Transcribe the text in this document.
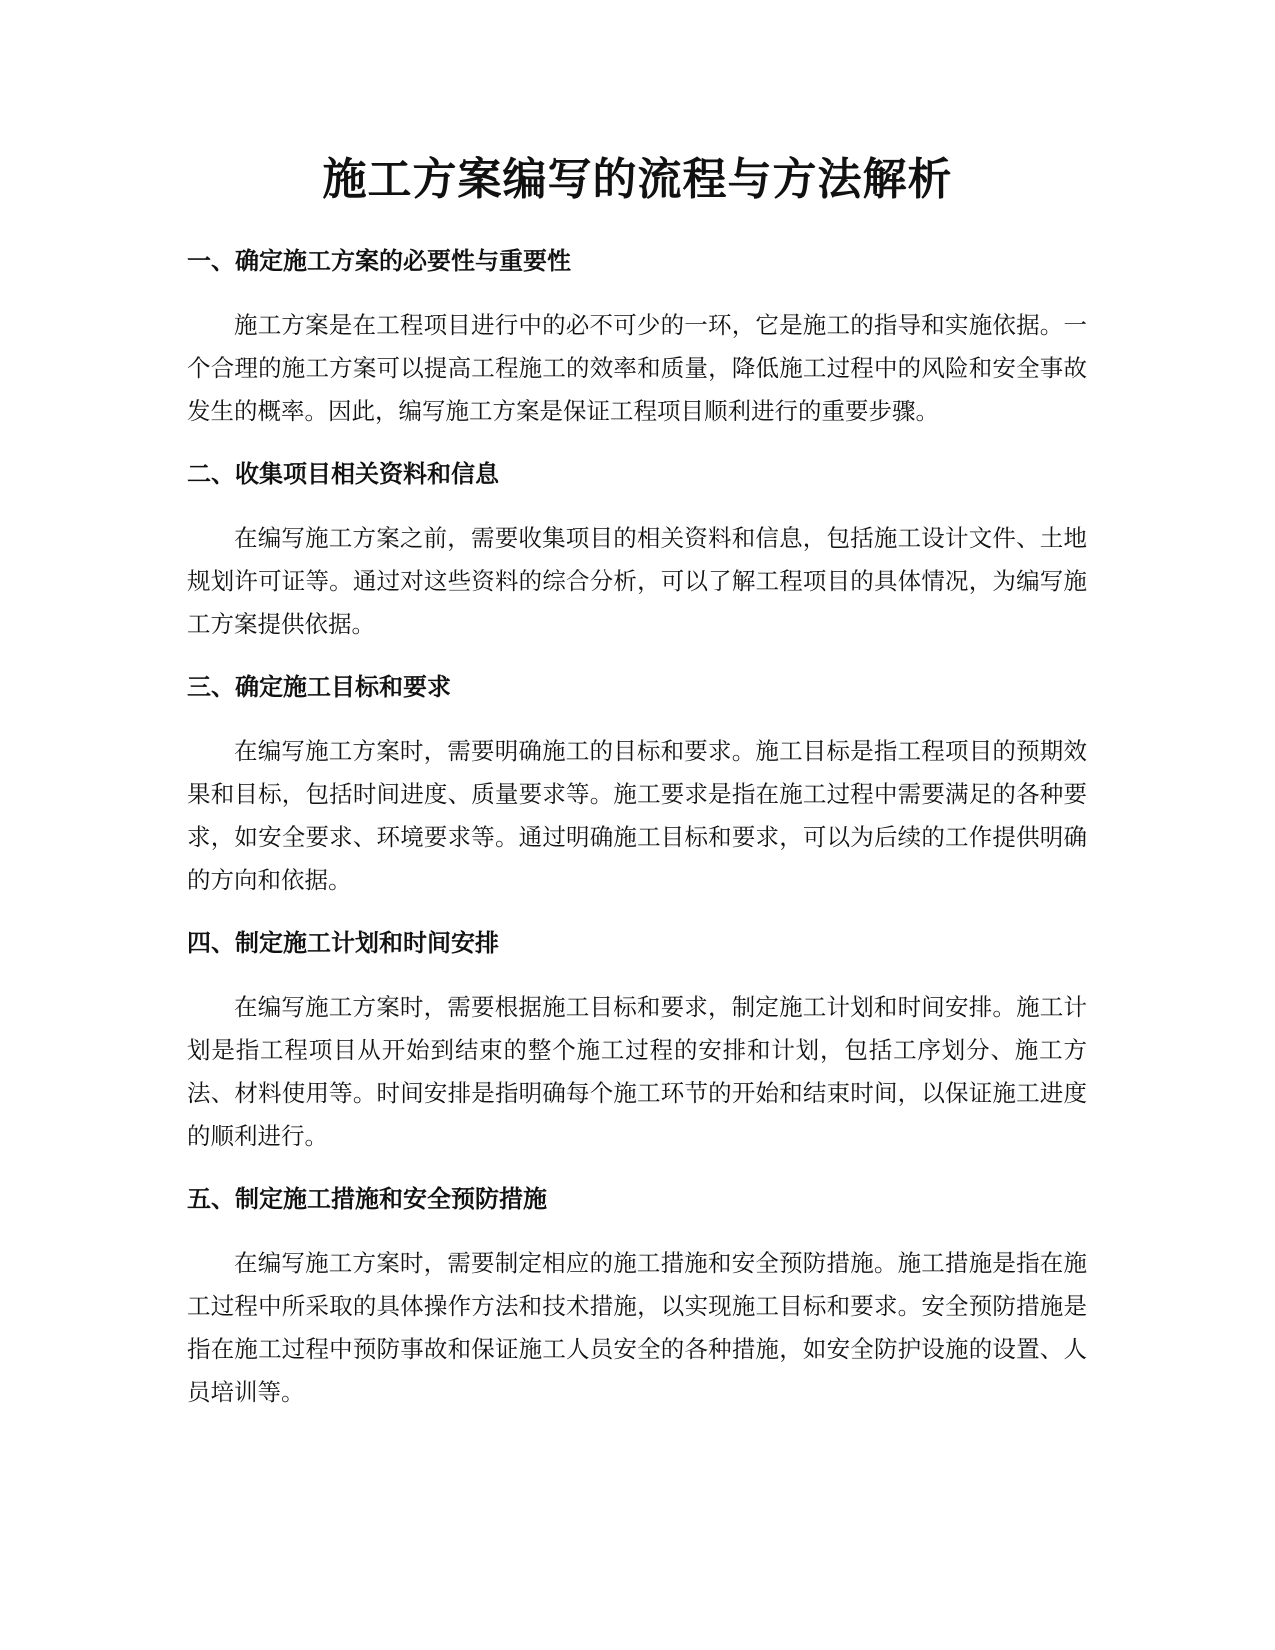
施工方案编写的流程与方法解析
一、确定施工方案的必要性与重要性

施工方案是在工程项目进行中的必不可少的一环，它是施工的指导和实施依据。一个合理的施工方案可以提高工程施工的效率和质量，降低施工过程中的风险和安全事故发生的概率。因此，编写施工方案是保证工程项目顺利进行的重要步骤。

二、收集项目相关资料和信息

在编写施工方案之前，需要收集项目的相关资料和信息，包括施工设计文件、土地规划许可证等。通过对这些资料的综合分析，可以了解工程项目的具体情况，为编写施工方案提供依据。

三、确定施工目标和要求

在编写施工方案时，需要明确施工的目标和要求。施工目标是指工程项目的预期效果和目标，包括时间进度、质量要求等。施工要求是指在施工过程中需要满足的各种要求，如安全要求、环境要求等。通过明确施工目标和要求，可以为后续的工作提供明确的方向和依据。

四、制定施工计划和时间安排

在编写施工方案时，需要根据施工目标和要求，制定施工计划和时间安排。施工计划是指工程项目从开始到结束的整个施工过程的安排和计划，包括工序划分、施工方法、材料使用等。时间安排是指明确每个施工环节的开始和结束时间，以保证施工进度的顺利进行。

五、制定施工措施和安全预防措施

在编写施工方案时，需要制定相应的施工措施和安全预防措施。施工措施是指在施工过程中所采取的具体操作方法和技术措施，以实现施工目标和要求。安全预防措施是指在施工过程中预防事故和保证施工人员安全的各种措施，如安全防护设施的设置、人员培训等。
